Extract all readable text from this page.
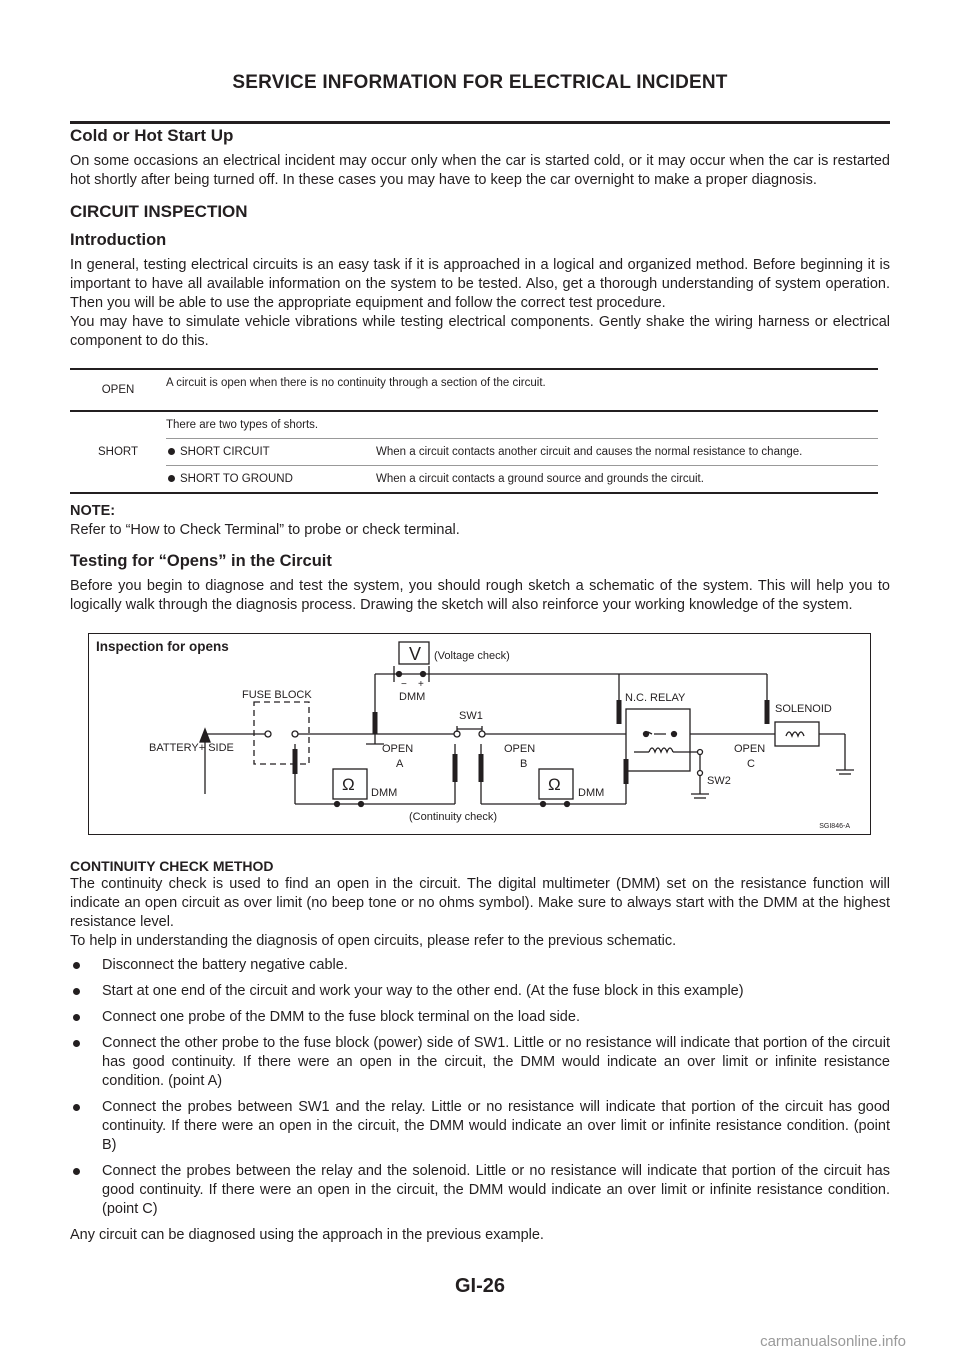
SERVICE INFORMATION FOR ELECTRICAL INCIDENT
Cold or Hot Start Up

On some occasions an electrical incident may occur only when the car is started cold, or it may occur when the car is restarted hot shortly after being turned off. In these cases you may have to keep the car overnight to make a proper diagnosis.

CIRCUIT INSPECTION
Introduction

In general, testing electrical circuits is an easy task if it is approached in a logical and organized method. Before beginning it is important to have all available information on the system to be tested. Also, get a thorough understanding of system operation. Then you will be able to use the appropriate equipment and follow the correct test procedure.

You may have to simulate vehicle vibrations while testing electrical components. Gently shake the wiring harness or electrical component to do this.

OPEN	A circuit is open when there is no continuity through a section of the circuit.	
SHORT	There are two types of shorts.	
	SHORT CIRCUIT	When a circuit contacts another circuit and causes the normal resistance to change.
	SHORT TO GROUND	When a circuit contacts a ground source and grounds the circuit.
NOTE:

Refer to “How to Check Terminal” to probe or check terminal.

Testing for “Opens” in the Circuit

Before you begin to diagnose and test the system, you should rough sketch a schematic of the system. This will help you to logically walk through the diagnosis process. Drawing the sketch will also reinforce your working knowledge of the system.

V
− +
(Voltage check)
DMM
FUSE BLOCK
BATTERY+ SIDE
SW1
OPEN
A
OPEN
B
N.C. RELAY
OPEN
C
SW2
SOLENOID
Ω	Ω
DMM	DMM
(Continuity check)
Inspection for opens
SGI846-A
CONTINUITY CHECK METHOD

The continuity check is used to find an open in the circuit. The digital multimeter (DMM) set on the resistance function will indicate an open circuit as over limit (no beep tone or no ohms symbol). Make sure to always start with the DMM at the highest resistance level.

To help in understanding the diagnosis of open circuits, please refer to the previous schematic.

Disconnect the battery negative cable.
Start at one end of the circuit and work your way to the other end. (At the fuse block in this example)
Connect one probe of the DMM to the fuse block terminal on the load side.
Connect the other probe to the fuse block (power) side of SW1. Little or no resistance will indicate that portion of the circuit has good continuity. If there were an open in the circuit, the DMM would indicate an over limit or infinite resistance condition. (point A)
Connect the probes between SW1 and the relay. Little or no resistance will indicate that portion of the circuit has good continuity. If there were an open in the circuit, the DMM would indicate an over limit or infinite resistance condition. (point B)
Connect the probes between the relay and the solenoid. Little or no resistance will indicate that portion of the circuit has good continuity. If there were an open in the circuit, the DMM would indicate an over limit or infinite resistance condition. (point C)

Any circuit can be diagnosed using the approach in the previous example.

GI-26
carmanualsonline.info
